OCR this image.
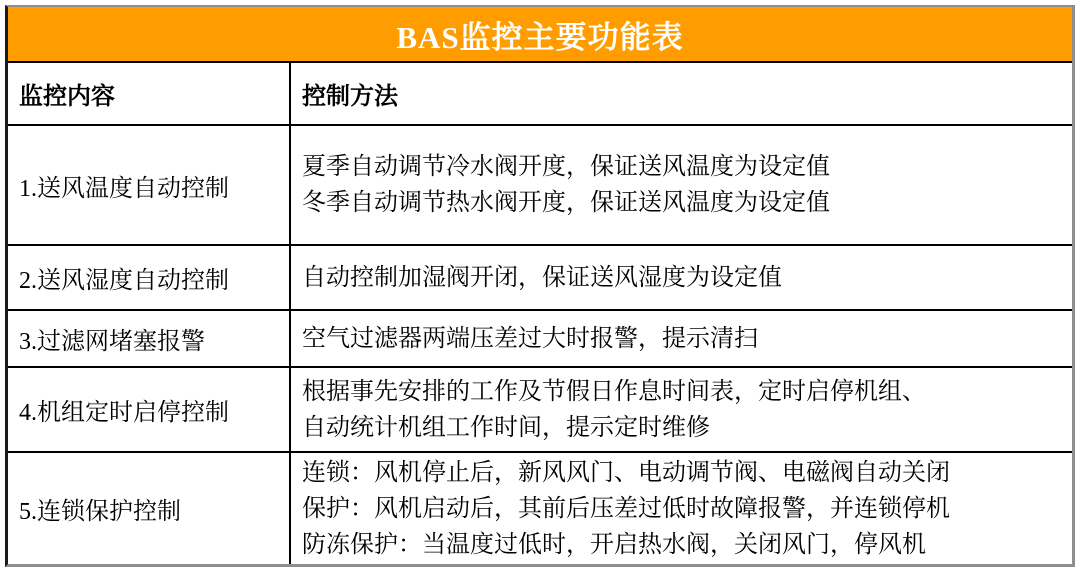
BAS监控主要功能表
监控内容	控制方法
1.送风温度自动控制	夏季自动调节冷水阀开度，保证送风温度为设定值
冬季自动调节热水阀开度，保证送风温度为设定值

2.送风湿度自动控制	自动控制加湿阀开闭，保证送风湿度为设定值

3.过滤网堵塞报警	空气过滤器两端压差过大时报警，提示清扫

4.机组定时启停控制	根据事先安排的工作及节假日作息时间表，定时启停机组、
自动统计机组工作时间，提示定时维修

5.连锁保护控制	连锁：风机停止后，新风风门、电动调节阀、电磁阀自动关闭
保护：风机启动后，其前后压差过低时故障报警，并连锁停机
防冻保护：当温度过低时，开启热水阀，关闭风门，停风机
